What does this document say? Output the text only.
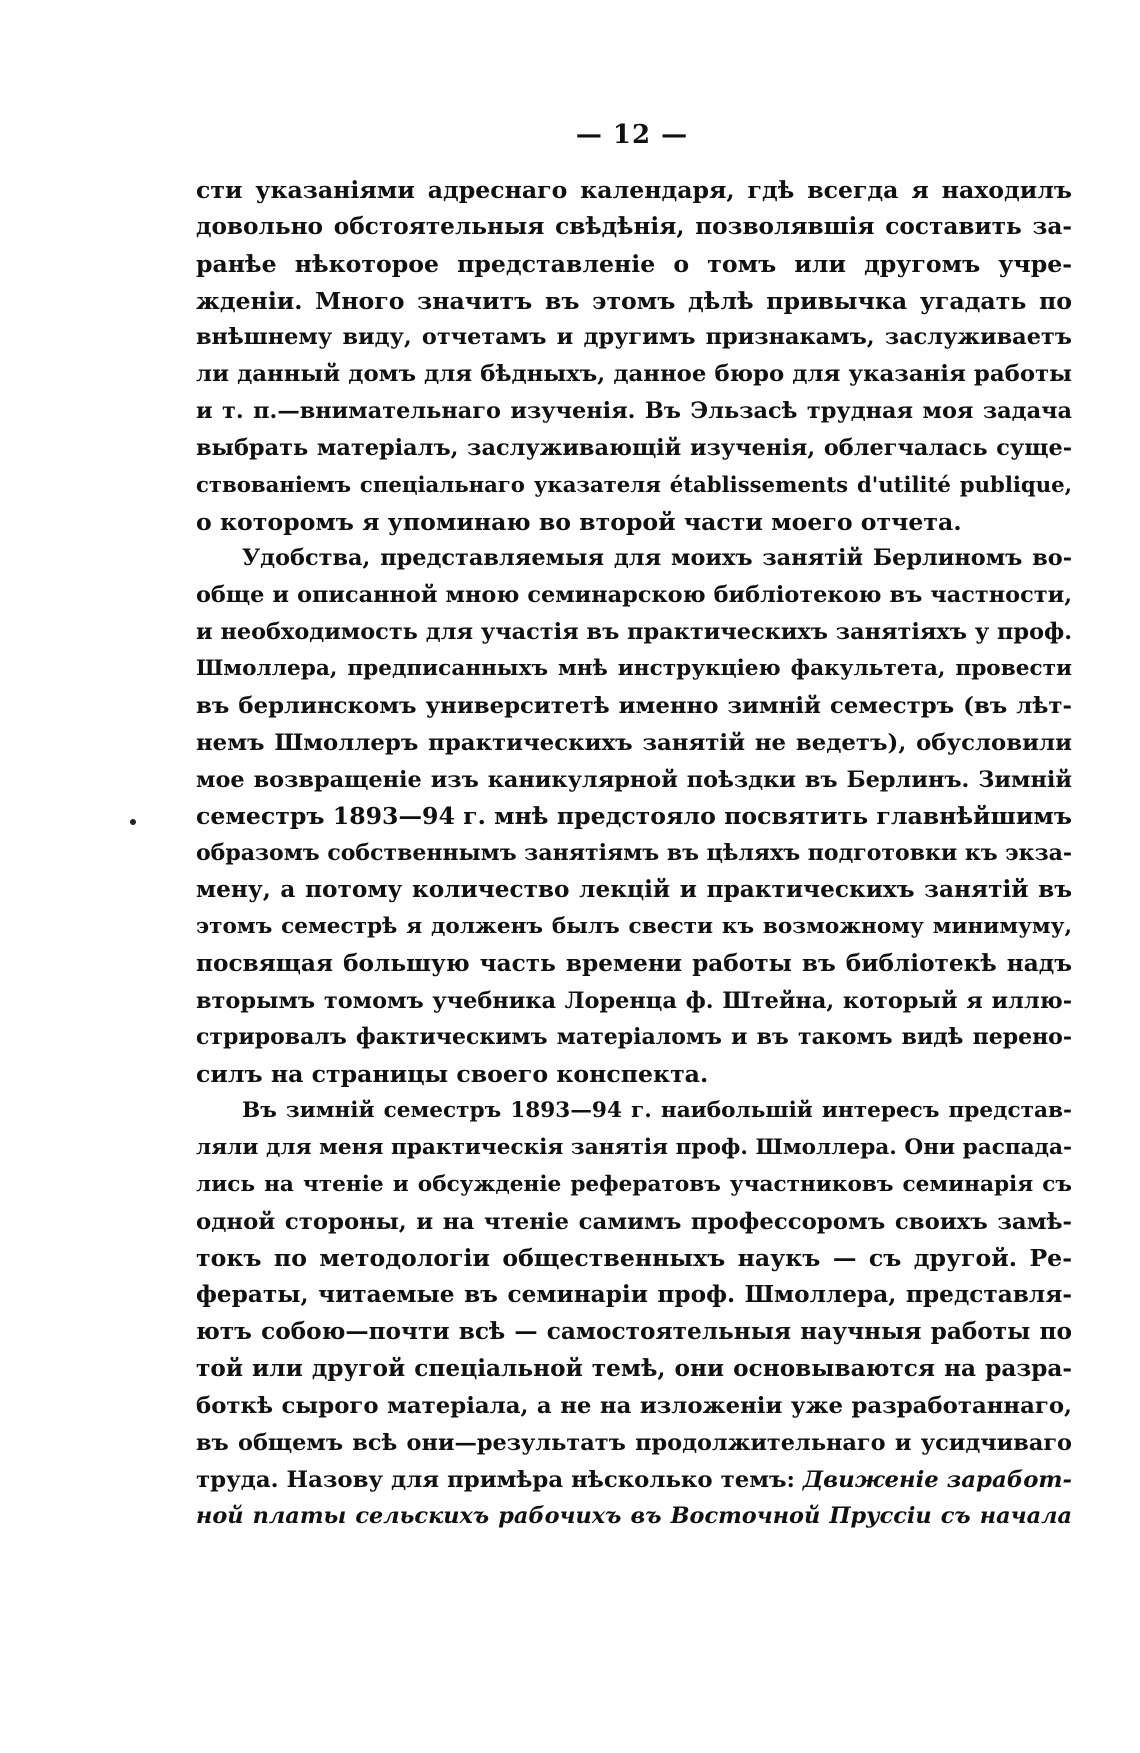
— 12 —

сти указаніями адреснаго календаря, гдѣ всегда я находилъ
довольно обстоятельныя свѣдѣнія, позволявшія составить за-
ранѣе нѣкоторое представленіе о томъ или другомъ учре-
жденіи. Много значитъ въ этомъ дѣлѣ привычка угадать по
внѣшнему виду, отчетамъ и другимъ признакамъ, заслуживаетъ
ли данный домъ для бѣдныхъ, данное бюро для указанія работы
и т. п.—внимательнаго изученія. Въ Эльзасѣ трудная моя задача
выбрать матеріалъ, заслуживающій изученія, облегчалась суще-
ствованіемъ спеціальнаго указателя établissements d'utilité publique,
о которомъ я упоминаю во второй части моего отчета.

Удобства, представляемыя для моихъ занятій Берлиномъ во-
обще и описанной мною семинарскою библіотекою въ частности,
и необходимость для участія въ практическихъ занятіяхъ у проф.
Шмоллера, предписанныхъ мнѣ инструкціею факультета, провести
въ берлинскомъ университетѣ именно зимній семестръ (въ лѣт-
немъ Шмоллеръ практическихъ занятій не ведетъ), обусловили
мое возвращеніе изъ каникулярной поѣздки въ Берлинъ. Зимній
семестръ 1893—94 г. мнѣ предстояло посвятить главнѣйшимъ
образомъ собственнымъ занятіямъ въ цѣляхъ подготовки къ экза-
мену, а потому количество лекцій и практическихъ занятій въ
этомъ семестрѣ я долженъ былъ свести къ возможному минимуму,
посвящая большую часть времени работы въ библіотекѣ надъ
вторымъ томомъ учебника Лоренца ф. Штейна, который я иллю-
стрировалъ фактическимъ матеріаломъ и въ такомъ видѣ перено-
силъ на страницы своего конспекта.

Въ зимній семестръ 1893—94 г. наибольшій интересъ представ-
ляли для меня практическія занятія проф. Шмоллера. Они распада-
лись на чтеніе и обсужденіе рефератовъ участниковъ семинарія съ
одной стороны, и на чтеніе самимъ профессоромъ своихъ замѣ-
токъ по методологіи общественныхъ наукъ — съ другой. Ре-
фераты, читаемые въ семинаріи проф. Шмоллера, представля-
ютъ собою—почти всѣ — самостоятельныя научныя работы по
той или другой спеціальной темѣ, они основываются на разра-
боткѣ сырого матеріала, а не на изложеніи уже разработаннаго,
въ общемъ всѣ они—результатъ продолжительнаго и усидчиваго
труда. Назову для примѣра нѣсколько темъ: Движеніе заработ-
ной платы сельскихъ рабочихъ въ Восточной Пруссіи съ начала
